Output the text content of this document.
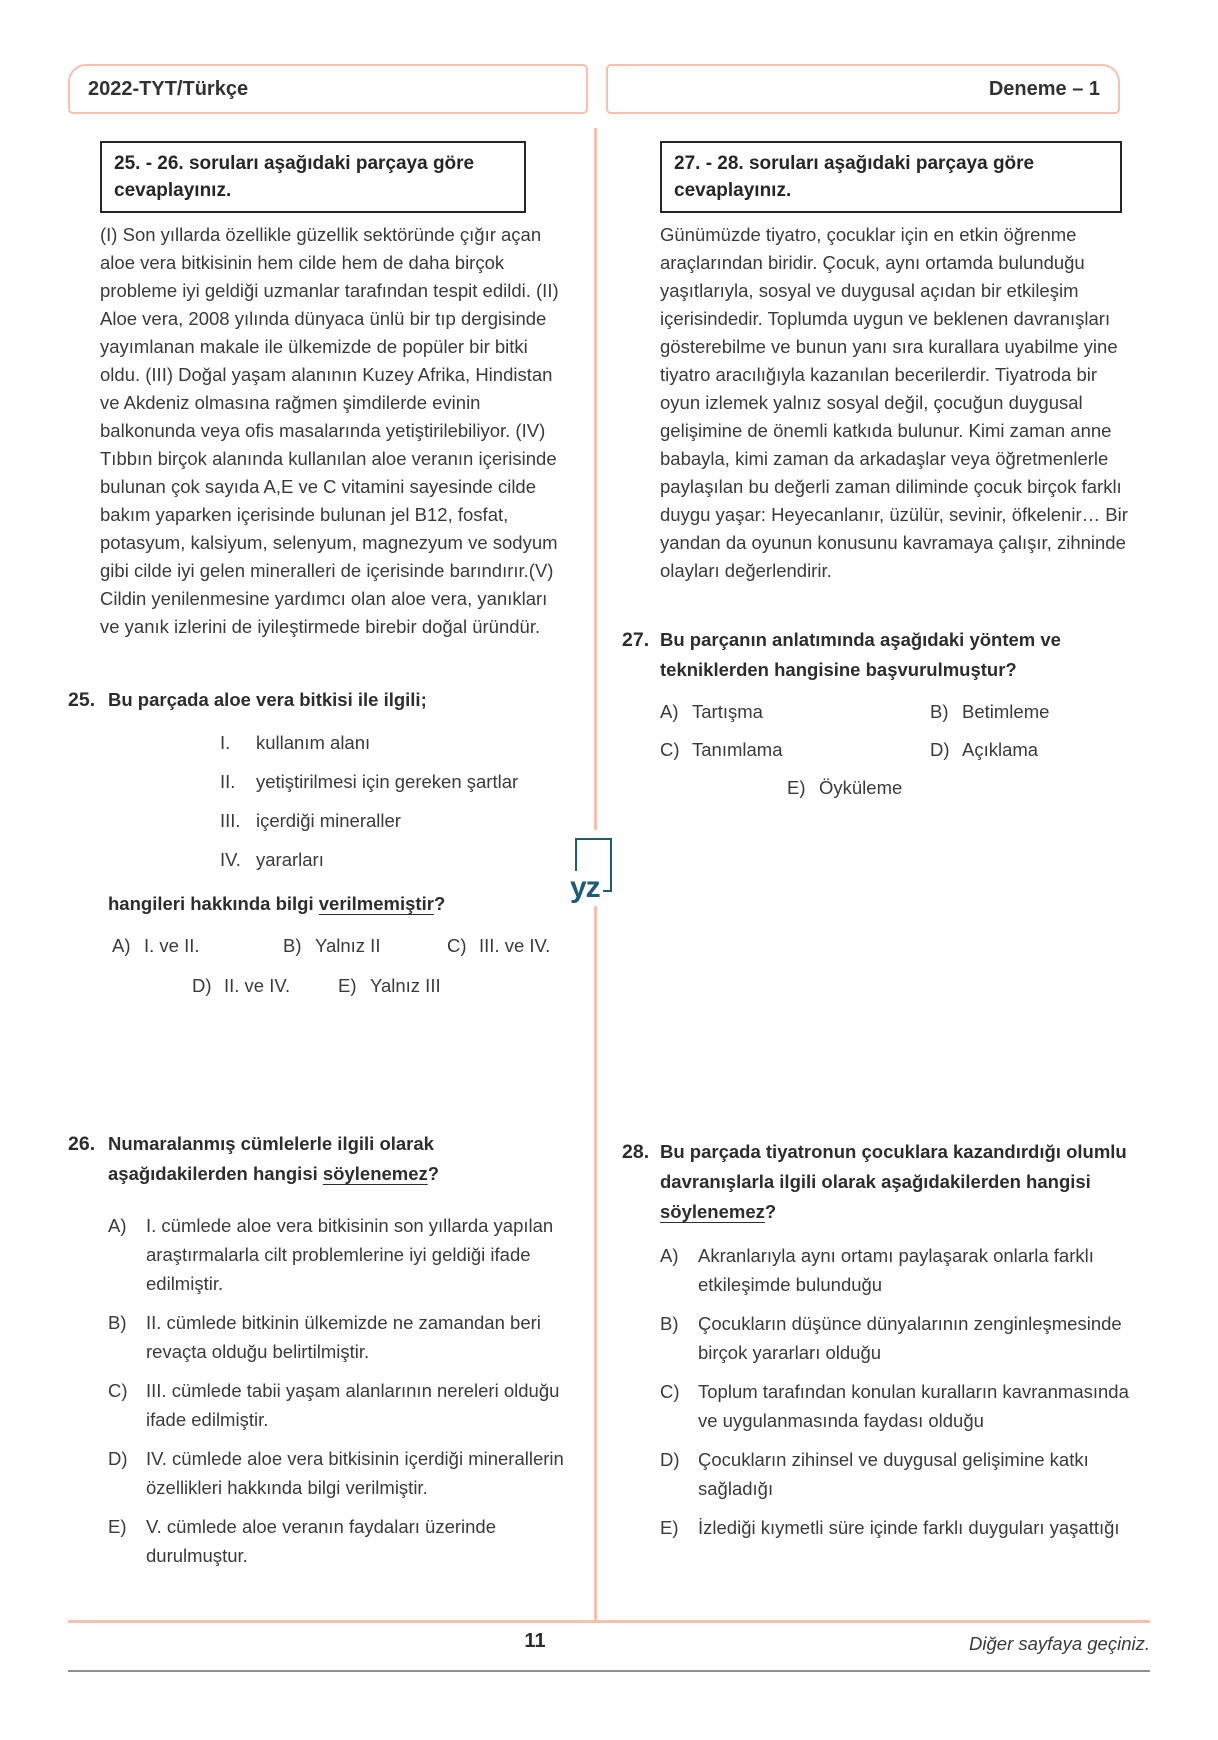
2022-TYT/Türkçe	Deneme – 1
yz
25. - 26. soruları aşağıdaki parçaya göre cevaplayınız.

(I) Son yıllarda özellikle güzellik sektöründe çığır açan aloe vera bitkisinin hem cilde hem de daha birçok probleme iyi geldiği uzmanlar tarafından tespit edildi. (II) Aloe vera, 2008 yılında dünyaca ünlü bir tıp dergisinde yayımlanan makale ile ülkemizde de popüler bir bitki oldu. (III) Doğal yaşam alanının Kuzey Afrika, Hindistan ve Akdeniz olmasına rağmen şimdilerde evinin balkonunda veya ofis masalarında yetiştirilebiliyor. (IV) Tıbbın birçok alanında kullanılan aloe veranın içerisinde bulunan çok sayıda A,E ve C vitamini sayesinde cilde bakım yaparken içerisinde bulunan jel B12, fosfat, potasyum, kalsiyum, selenyum, magnezyum ve sodyum gibi cilde iyi gelen mineralleri de içerisinde barındırır.(V) Cildin yenilenmesine yardımcı olan aloe vera, yanıkları ve yanık izlerini de iyileştirmede birebir doğal üründür.

25. Bu parçada aloe vera bitkisi ile ilgili;

I.	kullanım alanı
II.	yetiştirilmesi için gereken şartlar
III. içerdiği mineraller
IV. yararları

hangileri hakkında bilgi verilmemiştir?

A) I. ve II.	B) Yalnız II	C) III. ve IV.
D) II. ve IV.	E) Yalnız III
26. Numaralanmış cümlelerle ilgili olarak aşağıdakilerden hangisi söylenemez?

A)	I. cümlede aloe vera bitkisinin son yıllarda yapılan araştırmalarla cilt problemlerine iyi geldiği ifade edilmiştir.
B)	II. cümlede bitkinin ülkemizde ne zamandan beri revaçta olduğu belirtilmiştir.
C) III. cümlede tabii yaşam alanlarının nereleri olduğu ifade edilmiştir.
D) IV. cümlede aloe vera bitkisinin içerdiği minerallerin özellikleri hakkında bilgi verilmiştir.
E)	V. cümlede aloe veranın faydaları üzerinde durulmuştur.
27. - 28. soruları aşağıdaki parçaya göre cevaplayınız.

Günümüzde tiyatro, çocuklar için en etkin öğrenme araçlarından biridir. Çocuk, aynı ortamda bulunduğu yaşıtlarıyla, sosyal ve duygusal açıdan bir etkileşim içerisindedir. Toplumda uygun ve beklenen davranışları gösterebilme ve bunun yanı sıra kurallara uyabilme yine tiyatro aracılığıyla kazanılan becerilerdir. Tiyatroda bir oyun izlemek yalnız sosyal değil, çocuğun duygusal gelişimine de önemli katkıda bulunur. Kimi zaman anne babayla, kimi zaman da arkadaşlar veya öğretmenlerle paylaşılan bu değerli zaman diliminde çocuk birçok farklı duygu yaşar: Heyecanlanır, üzülür, sevinir, öfkelenir… Bir yandan da oyunun konusunu kavramaya çalışır, zihninde olayları değerlendirir.

27. Bu parçanın anlatımında aşağıdaki yöntem ve tekniklerden hangisine başvurulmuştur?

A) Tartışma	B) Betimleme
C) Tanımlama	D) Açıklama
E) Öyküleme
28. Bu parçada tiyatronun çocuklara kazandırdığı olumlu davranışlarla ilgili olarak aşağıdakilerden hangisi söylenemez?

A)	Akranlarıyla aynı ortamı paylaşarak onlarla farklı etkileşimde bulunduğu
B)	Çocukların düşünce dünyalarının zenginleşmesinde birçok yararları olduğu
C) Toplum tarafından konulan kuralların kavranmasında ve uygulanmasında faydası olduğu
D) Çocukların zihinsel ve duygusal gelişimine katkı sağladığı
E)	İzlediği kıymetli süre içinde farklı duyguları yaşattığı
11	Diğer sayfaya geçiniz.
